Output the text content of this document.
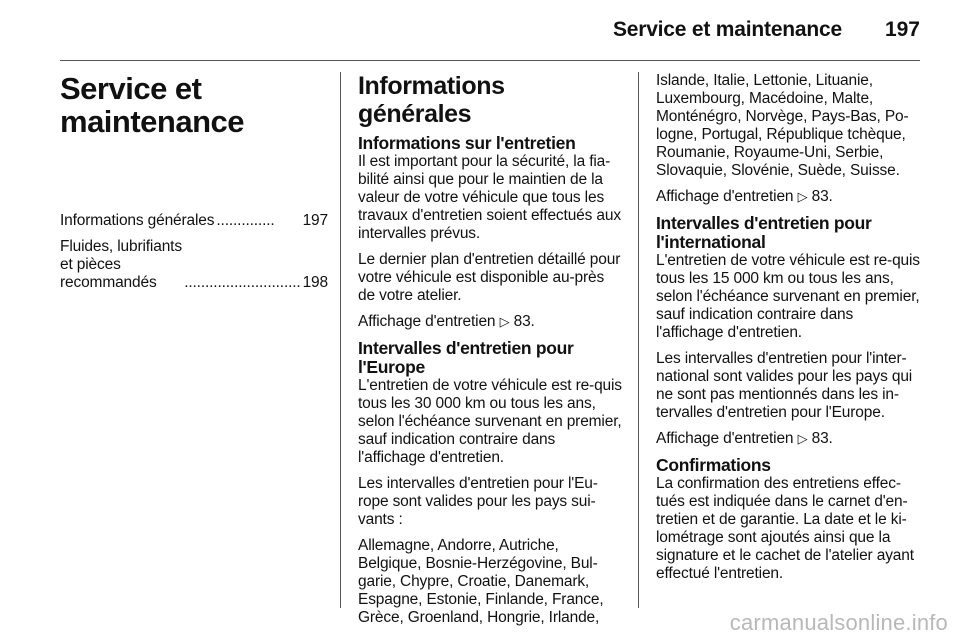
Service et maintenance 197
Service et
maintenance
Informations générales ..............	197
Fluides, lubrifiants et pièces
recommandés	............................ 198
Informations générales
Informations sur l'entretien

Il est important pour la sécurité, la fia-bilité ainsi que pour le maintien de la valeur de votre véhicule que tous les travaux d'entretien soient effectués aux intervalles prévus.

Le dernier plan d'entretien détaillé pour votre véhicule est disponible au-près de votre atelier.

Affichage d'entretien ▷ 83.

Intervalles d'entretien pour l'Europe

L'entretien de votre véhicule est re-quis tous les 30 000 km ou tous les ans, selon l'échéance survenant en premier, sauf indication contraire dans l'affichage d'entretien.

Les intervalles d'entretien pour l'Eu-rope sont valides pour les pays sui-vants :

Allemagne, Andorre, Autriche, Belgique, Bosnie-Herzégovine, Bul-garie, Chypre, Croatie, Danemark, Espagne, Estonie, Finlande, France, Grèce, Groenland, Hongrie, Irlande,

Islande, Italie, Lettonie, Lituanie, Luxembourg, Macédoine, Malte, Monténégro, Norvège, Pays-Bas, Po-logne, Portugal, République tchèque, Roumanie, Royaume-Uni, Serbie, Slovaquie, Slovénie, Suède, Suisse.

Affichage d'entretien ▷ 83.

Intervalles d'entretien pour l'international

L'entretien de votre véhicule est re-quis tous les 15 000 km ou tous les ans, selon l'échéance survenant en premier, sauf indication contraire dans l'affichage d'entretien.

Les intervalles d'entretien pour l'inter-national sont valides pour les pays qui ne sont pas mentionnés dans les in-tervalles d'entretien pour l'Europe.

Affichage d'entretien ▷ 83.

Confirmations

La confirmation des entretiens effec-tués est indiquée dans le carnet d'en-tretien et de garantie. La date et le ki-lométrage sont ajoutés ainsi que la signature et le cachet de l'atelier ayant effectué l'entretien.

carmanualsonline.info
